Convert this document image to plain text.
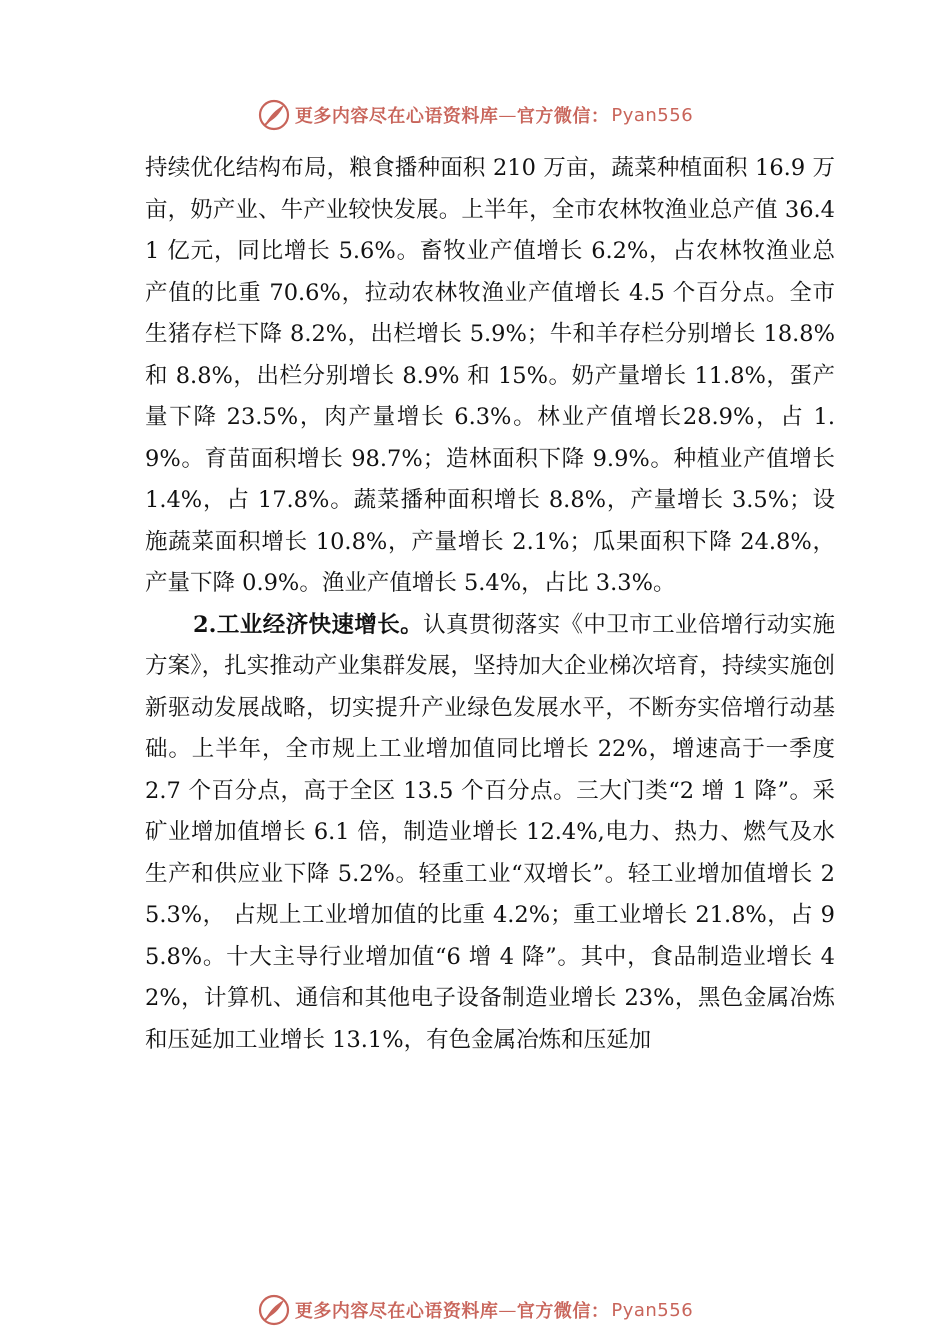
更多内容尽在心语资料库 — 官方微信： Pyan556

持续优化结构布局，粮食播种面积 210 万亩，蔬菜种植面积 16.9 万亩，奶产业、牛产业较快发展。上半年，全市农林牧渔业总产值 36.41 亿元，同比增长 5.6%。畜牧业产值增长 6.2%，占农林牧渔业总产值的比重 70.6%，拉动农林牧渔业产值增长 4.5 个百分点。全市生猪存栏下降 8.2%，出栏增长 5.9%；牛和羊存栏分别增长 18.8%和 8.8%，出栏分别增长 8.9% 和 15%。奶产量增长 11.8%，蛋产量下降 23.5%，肉产量增长 6.3%。林业产值增长28.9%，占 1.9%。育苗面积增长 98.7%；造林面积下降 9.9%。种植业产值增长 1.4%，占 17.8%。蔬菜播种面积增长 8.8%，产量增长 3.5%；设施蔬菜面积增长 10.8%，产量增长 2.1%；瓜果面积下降 24.8%，产量下降 0.9%。渔业产值增长 5.4%，占比 3.3%。

2.工业经济快速增长。认真贯彻落实《中卫市工业倍增行动实施方案》，扎实推动产业集群发展，坚持加大企业梯次培育，持续实施创新驱动发展战略，切实提升产业绿色发展水平，不断夯实倍增行动基础。上半年，全市规上工业增加值同比增长 22%，增速高于一季度 2.7 个百分点，高于全区 13.5 个百分点。三大门类“2 增 1 降”。采矿业增加值增长 6.1 倍，制造业增长 12.4%,电力、热力、燃气及水生产和供应业下降 5.2%。轻重工业“双增长”。轻工业增加值增长 25.3%， 占规上工业增加值的比重 4.2%；重工业增长 21.8%，占 95.8%。十大主导行业增加值“6 增 4 降”。其中，食品制造业增长 42%，计算机、通信和其他电子设备制造业增长 23%，黑色金属冶炼和压延加工业增长 13.1%，有色金属冶炼和压延加

更多内容尽在心语资料库 — 官方微信： Pyan556
